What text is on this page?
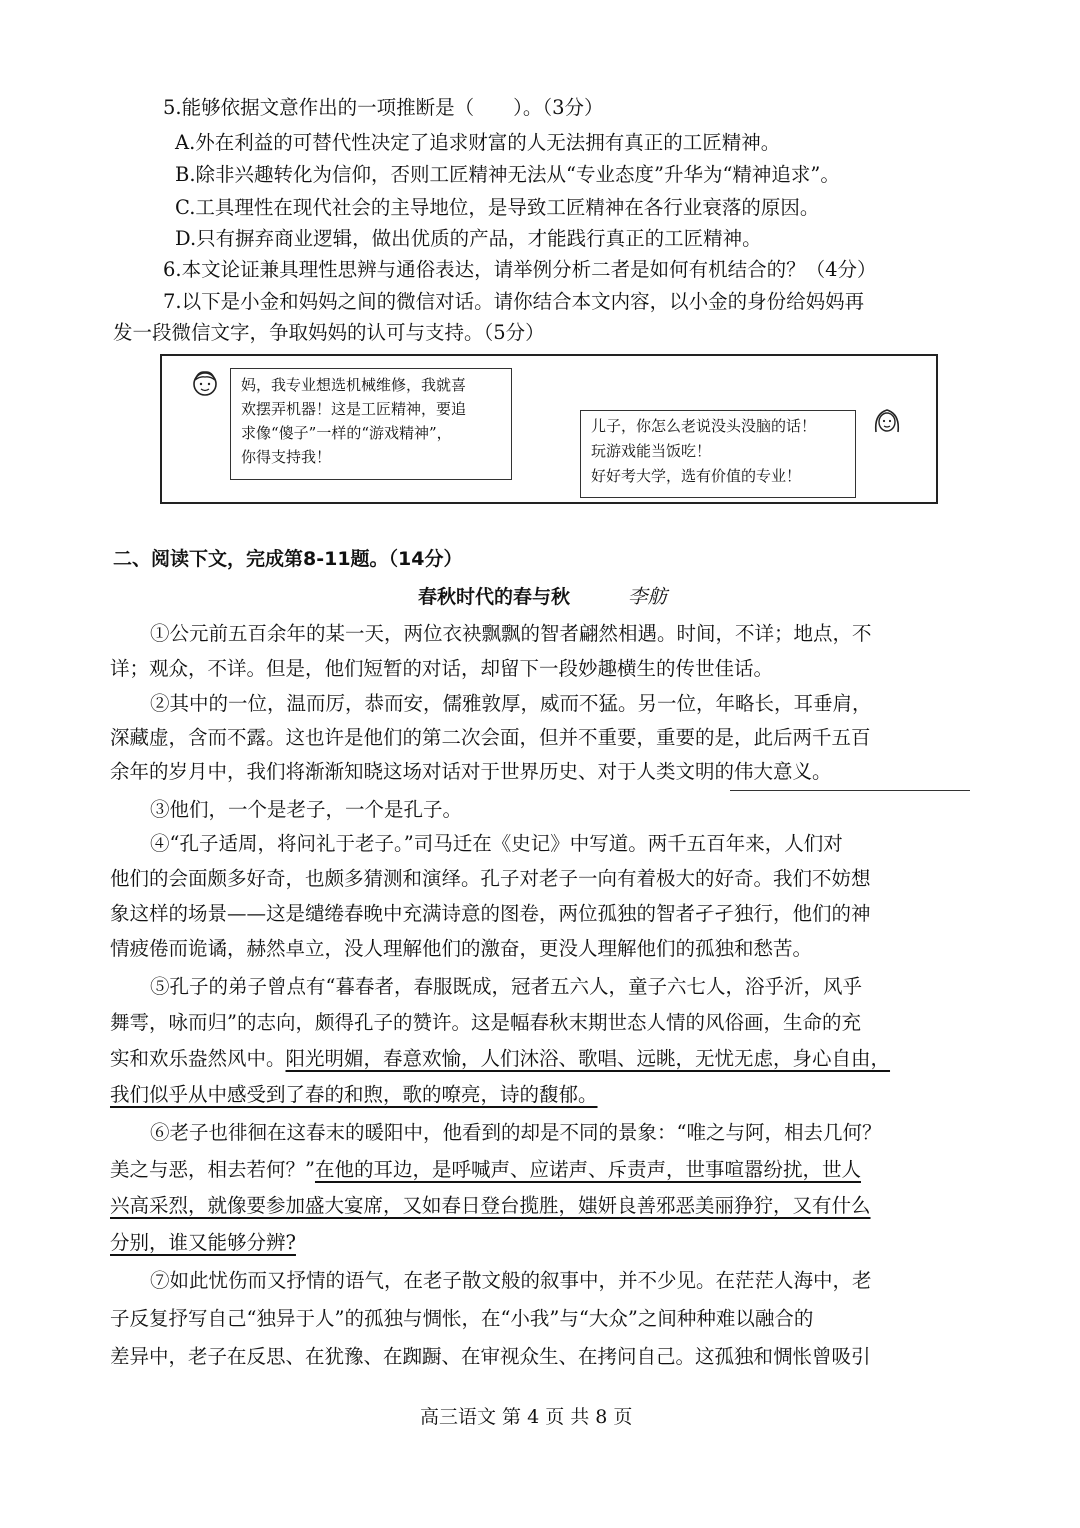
5.能够依据文意作出的一项推断是（　　）。（3分）
A.外在利益的可替代性决定了追求财富的人无法拥有真正的工匠精神。
B.除非兴趣转化为信仰，否则工匠精神无法从“专业态度”升华为“精神追求”。
C.工具理性在现代社会的主导地位，是导致工匠精神在各行业衰落的原因。
D.只有摒弃商业逻辑，做出优质的产品，才能践行真正的工匠精神。
6.本文论证兼具理性思辨与通俗表达，请举例分析二者是如何有机结合的？（4分）
7.以下是小金和妈妈之间的微信对话。请你结合本文内容，以小金的身份给妈妈再
发一段微信文字，争取妈妈的认可与支持。（5分）
妈，我专业想选机械维修，我就喜
欢摆弄机器！这是工匠精神，要追
求像“傻子”一样的“游戏精神”，
你得支持我！
儿子，你怎么老说没头没脑的话！
玩游戏能当饭吃！
好好考大学，选有价值的专业！
二、阅读下文，完成第8-11题。（14分）
春秋时代的春与秋	李舫
①公元前五百余年的某一天，两位衣袂飘飘的智者翩然相遇。时间，不详；地点，不
详；观众，不详。但是，他们短暂的对话，却留下一段妙趣横生的传世佳话。
②其中的一位，温而厉，恭而安，儒雅敦厚，威而不猛。另一位，年略长，耳垂肩，
深藏虚，含而不露。这也许是他们的第二次会面，但并不重要，重要的是，此后两千五百
余年的岁月中，我们将渐渐知晓这场对话对于世界历史、对于人类文明的伟大意义。
③他们，一个是老子，一个是孔子。
④“孔子适周，将问礼于老子。”司马迁在《史记》中写道。两千五百年来，人们对
他们的会面颇多好奇，也颇多猜测和演绎。孔子对老子一向有着极大的好奇。我们不妨想
象这样的场景——这是缱绻春晚中充满诗意的图卷，两位孤独的智者孑孑独行，他们的神
情疲倦而诡谲，赫然卓立，没人理解他们的激奋，更没人理解他们的孤独和愁苦。
⑤孔子的弟子曾点有“暮春者，春服既成，冠者五六人，童子六七人，浴乎沂，风乎
舞雩，咏而归”的志向，颇得孔子的赞许。这是幅春秋末期世态人情的风俗画，生命的充
实和欢乐盎然风中。阳光明媚，春意欢愉，人们沐浴、歌唱、远眺，无忧无虑，身心自由，
我们似乎从中感受到了春的和煦，歌的嘹亮，诗的馥郁。
⑥老子也徘徊在这春末的暖阳中，他看到的却是不同的景象：“唯之与阿，相去几何？
美之与恶，相去若何？”在他的耳边，是呼喊声、应诺声、斥责声，世事喧嚣纷扰，世人
兴高采烈，就像要参加盛大宴席，又如春日登台揽胜，媸妍良善邪恶美丽狰狞，又有什么
分别，谁又能够分辨?
⑦如此忧伤而又抒情的语气，在老子散文般的叙事中，并不少见。在茫茫人海中，老
子反复抒写自己“独异于人”的孤独与惆怅，在“小我”与“大众”之间种种难以融合的
差异中，老子在反思、在犹豫、在踟蹰、在审视众生、在拷问自己。这孤独和惆怅曾吸引
高三语文 第 4 页 共 8 页
